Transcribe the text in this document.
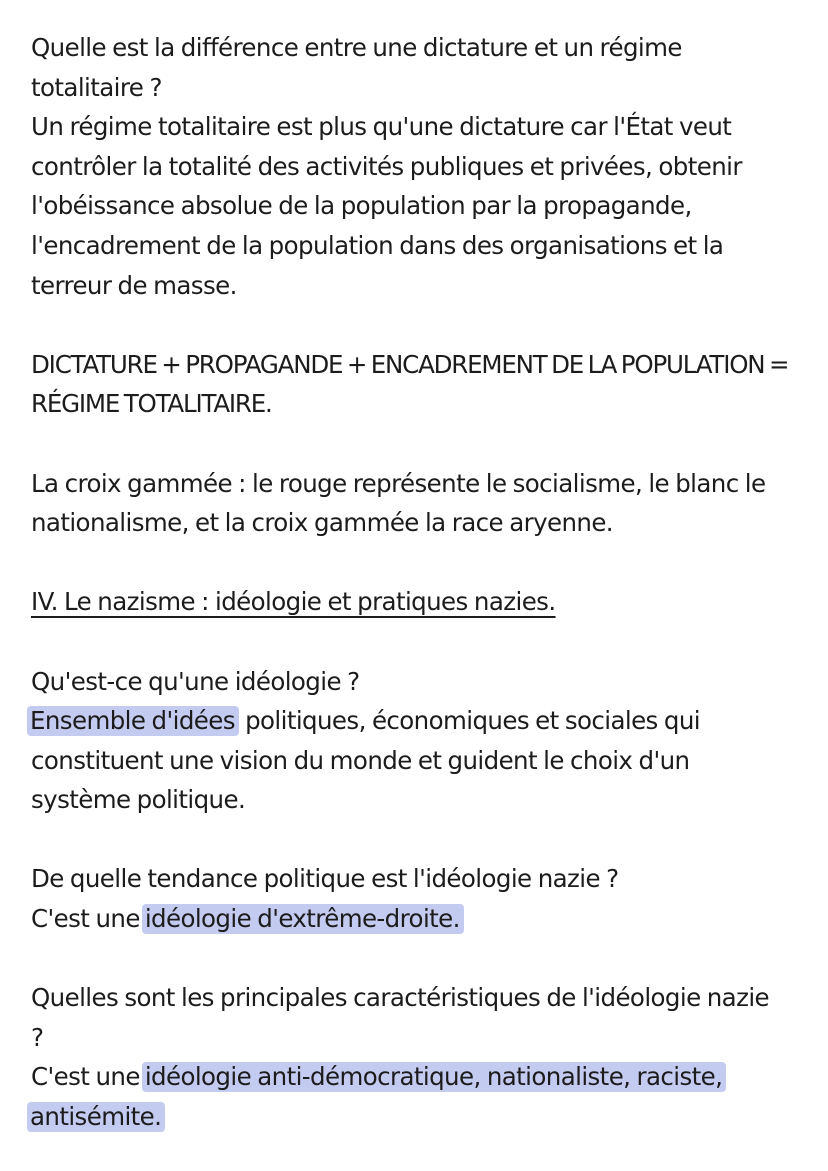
Quelle est la différence entre une dictature et un régime

totalitaire ?

Un régime totalitaire est plus qu'une dictature car l'État veut

contrôler la totalité des activités publiques et privées, obtenir

l'obéissance absolue de la population par la propagande,

l'encadrement de la population dans des organisations et la

terreur de masse.

DICTATURE + PROPAGANDE + ENCADREMENT DE LA POPULATION =

RÉGIME TOTALITAIRE.

La croix gammée : le rouge représente le socialisme, le blanc le

nationalisme, et la croix gammée la race aryenne.

IV. Le nazisme : idéologie et pratiques nazies.

Qu'est-ce qu'une idéologie ?

Ensemble d'idées politiques, économiques et sociales qui

constituent une vision du monde et guident le choix d'un

système politique.

De quelle tendance politique est l'idéologie nazie ?

C'est une idéologie d'extrême-droite.

Quelles sont les principales caractéristiques de l'idéologie nazie

?

C'est une idéologie anti-démocratique, nationaliste, raciste,

antisémite.
